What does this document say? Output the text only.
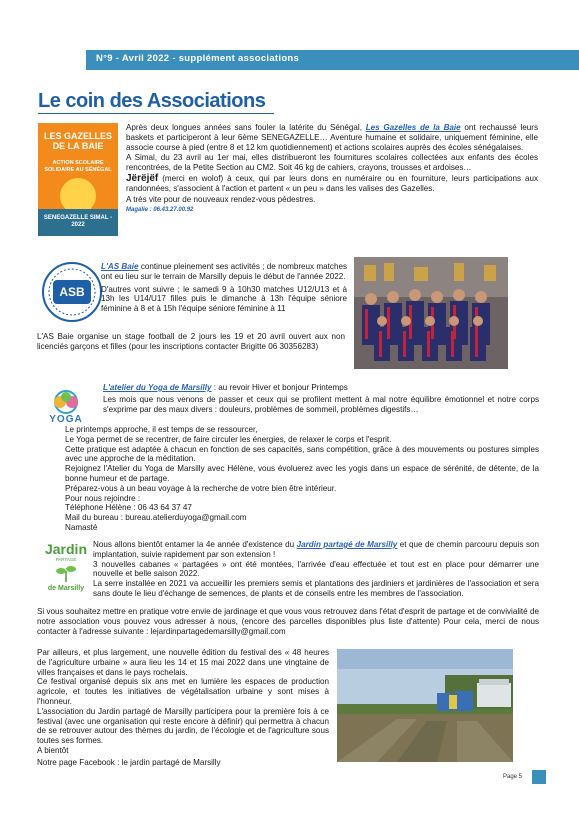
N°9 - Avril 2022 - supplément associations
Le coin des Associations
LES GAZELLES DE LA BAIE
ACTION SCOLAIRE SOLIDAIRE AU SÉNÉGAL
SENEGAZELLE SIMAL - 2022

Après deux longues années sans fouler la latérite du Sénégal, Les Gazelles de la Baie ont rechaussé leurs baskets et participeront à leur 6ème SENEGAZELLE… Aventure humaine et solidaire, uniquement féminine, elle associe course à pied (entre 8 et 12 km quotidiennement) et actions scolaires auprès des écoles sénégalaises.

A Simal, du 23 avril au 1er mai, elles distribueront les fournitures scolaires collectées aux enfants des écoles rencontrées, de la Petite Section au CM2. Soit 46 kg de cahiers, crayons, trousses et ardoises…

Jërëjëf (merci en wolof) à ceux, qui par leurs dons en numéraire ou en fourniture, leurs participations aux randonnées, s'associent à l'action et partent « un peu » dans les valises des Gazelles.

A très vite pour de nouveaux rendez-vous pédestres.

Magalie : 06.43.27.00.92

ASB

L'AS Baie continue pleinement ses activités ; de nombreux matches ont eu lieu sur le terrain de Marsilly depuis le début de l'année 2022.

D'autres vont suivre ; le samedi 9 à 10h30 matches U12/U13 et à 13h les U14/U17 filles puis le dimanche à 13h l'équipe séniore féminine à 8 et à 15h l'équipe séniore féminine à 11

L'AS Baie organise un stage football de 2 jours les 19 et 20 avril ouvert aux non licenciés garçons et filles (pour les inscriptions contacter Brigitte 06 30356283)

YOGA

L'atelier du Yoga de Marsilly : au revoir Hiver et bonjour Printemps

Les mois que nous venons de passer et ceux qui se profilent mettent à mal notre équilibre émotionnel et notre corps s'exprime par des maux divers : douleurs, problèmes de sommeil, problèmes digestifs…

Le printemps approche, il est temps de se ressourcer,

Le Yoga permet de se recentrer, de faire circuler les énergies, de relaxer le corps et l'esprit.

Cette pratique est adaptée à chacun en fonction de ses capacités, sans compétition, grâce à des mouvements ou postures simples avec une approche de la méditation.

Rejoignez l'Atelier du Yoga de Marsilly avec Hélène, vous évoluerez avec les yogis dans un espace de sérénité, de détente, de la bonne humeur et de partage.

Préparez-vous à un beau voyage à la recherche de votre bien être intérieur.

Pour nous rejoindre :

Téléphone Hélène : 06 43 64 37 47

Mail du bureau : bureau.atelierduyoga@gmail.com

Namasté

Jardin
PARTAGÉ
de Marsilly

Nous allons bientôt entamer la 4e année d'existence du Jardin partagé de Marsilly et que de chemin parcouru depuis son implantation, suivie rapidement par son extension !

3 nouvelles cabanes « partagées » ont été montées, l'arrivée d'eau effectuée et tout est en place pour démarrer une nouvelle et belle saison 2022.

La serre installée en 2021 va accueillir les premiers semis et plantations des jardiniers et jardinières de l'association et sera sans doute le lieu d'échange de semences, de plants et de conseils entre les membres de l'association.

Si vous souhaitez mettre en pratique votre envie de jardinage et que vous vous retrouvez dans l'état d'esprit de partage et de convivialité de notre association vous pouvez vous adresser à nous, (encore des parcelles disponibles plus liste d'attente) Pour cela, merci de nous contacter à l'adresse suivante : lejardinpartagedemarsilly@gmail.com

Par ailleurs, et plus largement, une nouvelle édition du festival des « 48 heures de l'agriculture urbaine » aura lieu les 14 et 15 mai 2022 dans une vingtaine de villes françaises et dans le pays rochelais.

Ce festival organisé depuis six ans met en lumière les espaces de production agricole, et toutes les initiatives de végétalisation urbaine y sont mises à l'honneur.

L'association du Jardin partagé de Marsilly participera pour la première fois à ce festival (avec une organisation qui reste encore à définir) qui permettra à chacun de se retrouver autour des thèmes du jardin, de l'écologie et de l'agriculture sous toutes ses formes.

A bientôt

Notre page Facebook : le jardin partagé de Marsilly

Page 5
